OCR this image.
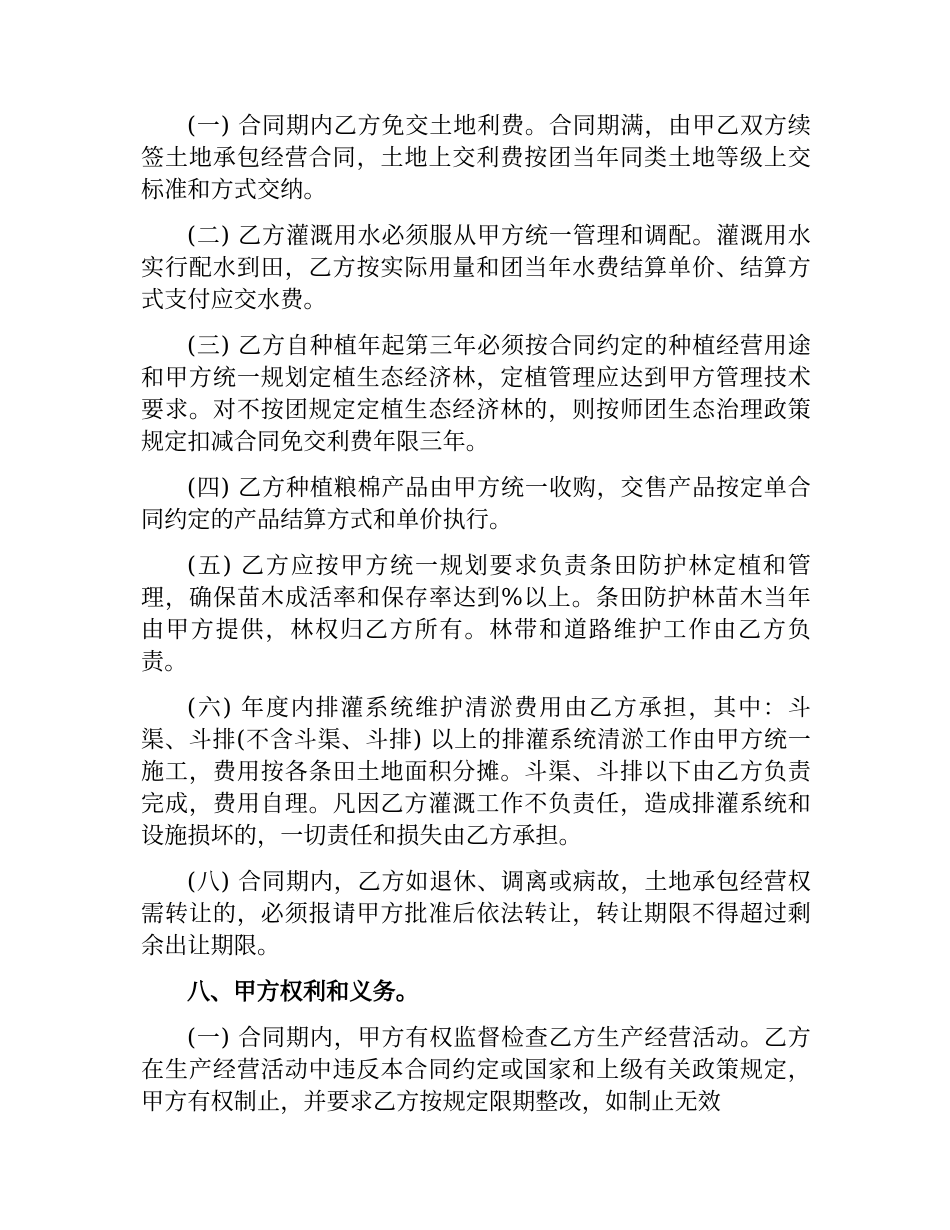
(一) 合同期内乙方免交土地利费。合同期满，由甲乙双方续签土地承包经营合同，土地上交利费按团当年同类土地等级上交标准和方式交纳。

(二) 乙方灌溉用水必须服从甲方统一管理和调配。灌溉用水实行配水到田，乙方按实际用量和团当年水费结算单价、结算方式支付应交水费。

(三) 乙方自种植年起第三年必须按合同约定的种植经营用途和甲方统一规划定植生态经济林，定植管理应达到甲方管理技术要求。对不按团规定定植生态经济林的，则按师团生态治理政策规定扣减合同免交利费年限三年。

(四) 乙方种植粮棉产品由甲方统一收购，交售产品按定单合同约定的产品结算方式和单价执行。

(五) 乙方应按甲方统一规划要求负责条田防护林定植和管理，确保苗木成活率和保存率达到%以上。条田防护林苗木当年由甲方提供，林权归乙方所有。林带和道路维护工作由乙方负责。

(六) 年度内排灌系统维护清淤费用由乙方承担，其中：斗渠、斗排(不含斗渠、斗排) 以上的排灌系统清淤工作由甲方统一施工，费用按各条田土地面积分摊。斗渠、斗排以下由乙方负责完成，费用自理。凡因乙方灌溉工作不负责任，造成排灌系统和设施损坏的，一切责任和损失由乙方承担。

(八) 合同期内，乙方如退休、调离或病故，土地承包经营权需转让的，必须报请甲方批准后依法转让，转让期限不得超过剩余出让期限。

八、甲方权利和义务。

(一) 合同期内，甲方有权监督检查乙方生产经营活动。乙方在生产经营活动中违反本合同约定或国家和上级有关政策规定，甲方有权制止，并要求乙方按规定限期整改，如制止无效
